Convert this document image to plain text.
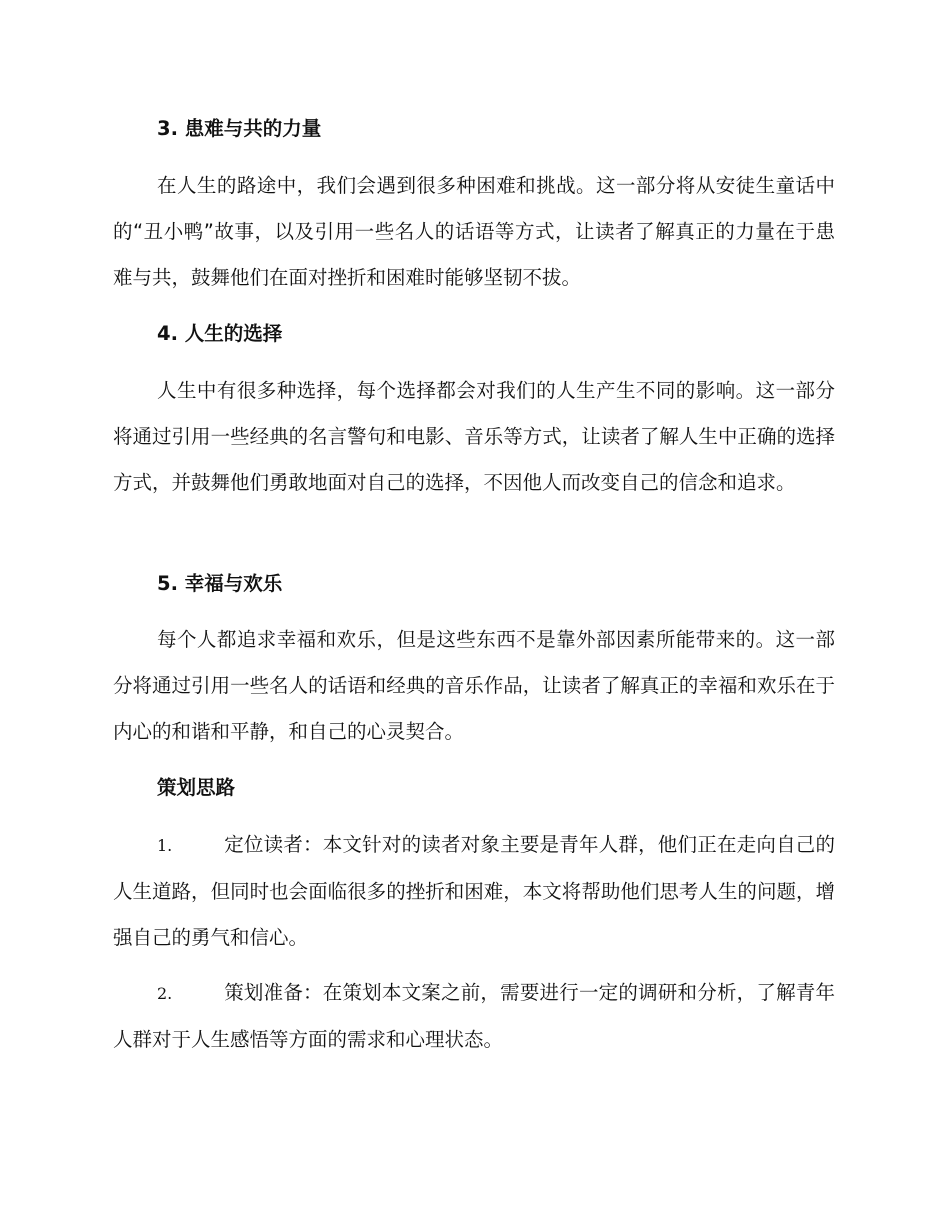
3. 患难与共的力量

在人生的路途中，我们会遇到很多种困难和挑战。这一部分将从安徒生童话中的“丑小鸭”故事，以及引用一些名人的话语等方式，让读者了解真正的力量在于患难与共，鼓舞他们在面对挫折和困难时能够坚韧不拔。

4. 人生的选择

人生中有很多种选择，每个选择都会对我们的人生产生不同的影响。这一部分将通过引用一些经典的名言警句和电影、音乐等方式，让读者了解人生中正确的选择方式，并鼓舞他们勇敢地面对自己的选择，不因他人而改变自己的信念和追求。

5. 幸福与欢乐

每个人都追求幸福和欢乐，但是这些东西不是靠外部因素所能带来的。这一部分将通过引用一些名人的话语和经典的音乐作品，让读者了解真正的幸福和欢乐在于内心的和谐和平静，和自己的心灵契合。

策划思路

1.	定位读者：本文针对的读者对象主要是青年人群，他们正在走向自己的人生道路，但同时也会面临很多的挫折和困难，本文将帮助他们思考人生的问题，增强自己的勇气和信心。

2.	策划准备：在策划本文案之前，需要进行一定的调研和分析，了解青年人群对于人生感悟等方面的需求和心理状态。
